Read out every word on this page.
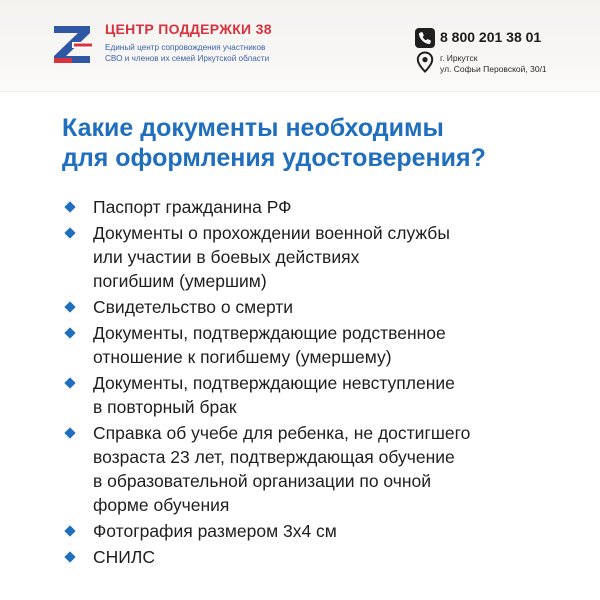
ЦЕНТР ПОДДЕРЖКИ 38
Единый центр сопровождения участников
СВО и членов их семей Иркутской области
8 800 201 38 01
г. Иркутск
ул. Софьи Перовской, 30/1
Какие документы необходимы
для оформления удостоверения?
Паспорт гражданина РФ
Документы о прохождении военной службы
или участии в боевых действиях
погибшим (умершим)
Свидетельство о смерти
Документы, подтверждающие родственное
отношение к погибшему (умершему)
Документы, подтверждающие невступление
в повторный брак
Справка об учебе для ребенка, не достигшего
возраста 23 лет, подтверждающая обучение
в образовательной организации по очной
форме обучения
Фотография размером 3х4 см
СНИЛС
